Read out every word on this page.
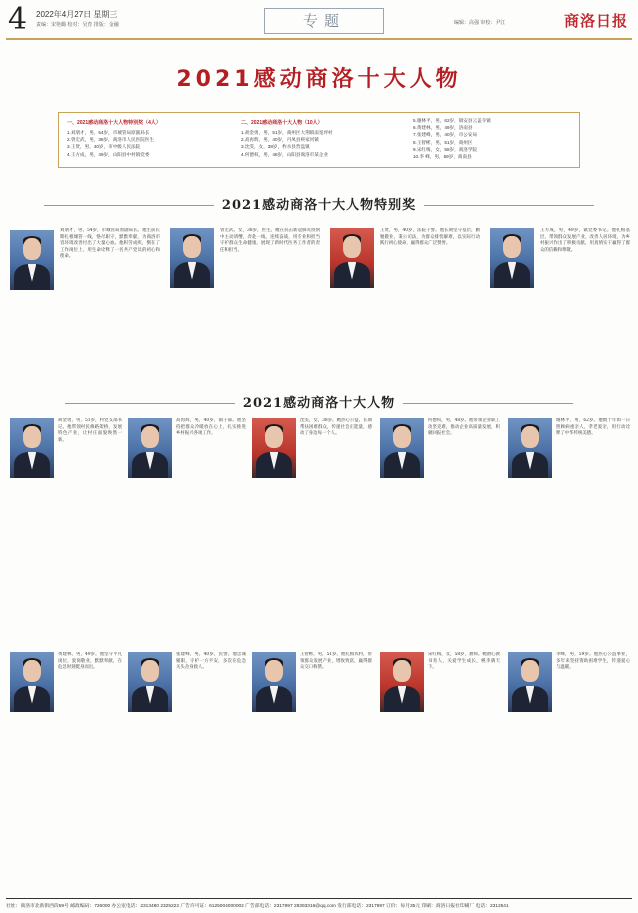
4 2022年4月27日 星期三
责编：宋艳璐 校对：吴育 排版：金融	专题	编辑：高强 审校：尹江	商洛日报
2021感动商洛十大人物
一、2021感动商洛十大人物特别奖（4人）
1.刘朋才，男，54岁，市城管局原副局长
2.曾宏武，男，38岁，商洛市人民医院医生
3.王贤，男，40岁，市中级人民法院
4.王方成，男，49岁，山阳县中村镇党委
二、2021感动商洛十大人物（10人）
1.胡金勇，男，51岁，商州区大荆镇南宽坪村
2.高再辉，男，40岁，丹凤县庾家河镇
3.沈雯，女，38岁，柞水县营盘镇
4.何德权，男，48岁，山阳县商洛市某企业
5.谢林平，男，62岁，镇安县云盖寺镇
6.黄建林，男，49岁，洛南县
7.张建峰，男，40岁，市公安局
8.王智彬，男，51岁，商州区
9.宋红梅，女，58岁，商洛学院
10.李 峰，男，59岁，商南县
2021感动商洛十大人物特别奖
刘朋才，男，54岁，市城管局原副局长。他生前长期扎根城管一线，恪尽职守，默默奉献，为商洛市容环境改善付出了大量心血。他积劳成疾，倒在了工作岗位上，用生命诠释了一名共产党员的初心和使命。
曾宏武，女，38岁，医生。她在抗击新冠肺炎疫情中主动请缨，奔赴一线，连续奋战，用专业和担当守护群众生命健康，展现了新时代医务工作者的责任和担当。
王贤，男，40岁，法院干警。他长期坚守基层，勤勉敬业，秉公司法，为群众排忧解难，以实际行动践行初心使命，赢得群众广泛赞誉。
王方成，男，49岁，镇党委书记。他扎根基层，带领群众发展产业，改善人居环境，为乡村振兴作出了积极贡献，用真情实干赢得了群众的信赖和尊敬。
2021感动商洛十大人物
胡金勇，男，51岁，村党支部书记。他带领村民修路架桥，发展特色产业，让村庄面貌焕然一新。
高再辉，男，40岁，镇干部。他坚持把群众冷暖放在心上，扎实推进乡村振兴各项工作。
沈雯，女，38岁。她热心公益，长期帮扶困难群众，传递社会正能量，感动了身边每一个人。
何德权，男，48岁。他带领企业职工攻坚克难，推动企业高质量发展，积极回报社会。
谢林平，男，62岁。他数十年如一日照顾病重亲人，孝老爱亲，用行动诠释了中华传统美德。
黄建林，男，49岁。他坚守平凡岗位，爱岗敬业，默默奉献，在危急时刻挺身而出。
张建峰，男，40岁，民警。他忠诚履职，守护一方平安，多次在危急关头舍身救人。
王智彬，男，51岁。他扎根农村，带领群众发展产业，增收致富，赢得群众交口称赞。
宋红梅，女，58岁，教师。她潜心教书育人，关爱学生成长，桃李满天下。
李峰，男，59岁。他热心公益事业，多年来坚持资助困难学生，传递爱心与温暖。
社址：商洛市北新街西段59号 邮政编码：726000 办公室电话：2313480 2325222 广告许可证：6125004000002 广告部电话：2317997 28393316@qq.com 发行部电话：2317997 订价：每月35元 印刷：商洛日报社印刷厂 电话：2312541
